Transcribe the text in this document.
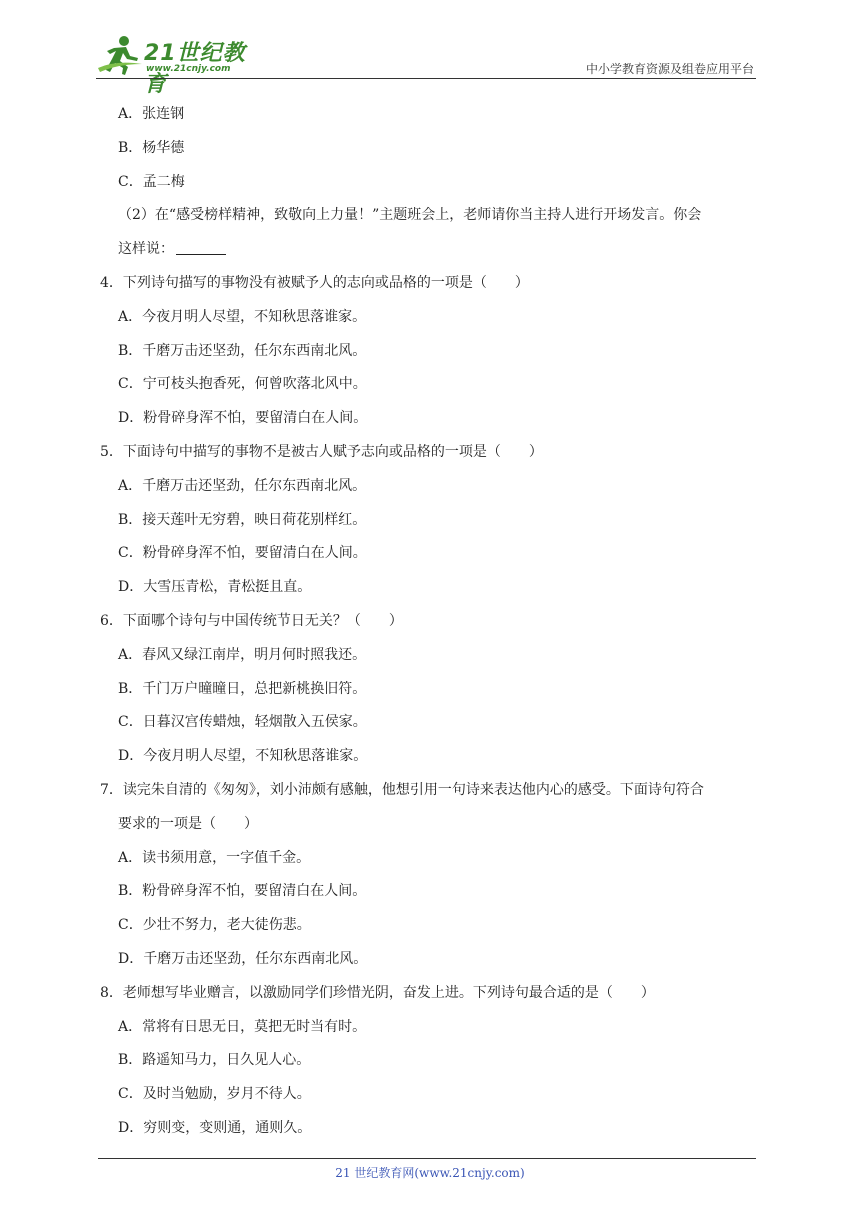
21世纪教育
www.21cnjy.com	中小学教育资源及组卷应用平台
A．张连钢
B．杨华德
C．孟二梅
（2）在“感受榜样精神，致敬向上力量！”主题班会上，老师请你当主持人进行开场发言。你会
这样说：
4．下列诗句描写的事物没有被赋予人的志向或品格的一项是（　　）
A．今夜月明人尽望，不知秋思落谁家。
B．千磨万击还坚劲，任尔东西南北风。
C．宁可枝头抱香死，何曾吹落北风中。
D．粉骨碎身浑不怕，要留清白在人间。
5．下面诗句中描写的事物不是被古人赋予志向或品格的一项是（　　）
A．千磨万击还坚劲，任尔东西南北风。
B．接天莲叶无穷碧，映日荷花别样红。
C．粉骨碎身浑不怕，要留清白在人间。
D．大雪压青松，青松挺且直。
6．下面哪个诗句与中国传统节日无关？（　　）
A．春风又绿江南岸，明月何时照我还。
B．千门万户曈曈日，总把新桃换旧符。
C．日暮汉宫传蜡烛，轻烟散入五侯家。
D．今夜月明人尽望，不知秋思落谁家。
7．读完朱自清的《匆匆》，刘小沛颇有感触，他想引用一句诗来表达他内心的感受。下面诗句符合
要求的一项是（　　）
A．读书须用意，一字值千金。
B．粉骨碎身浑不怕，要留清白在人间。
C．少壮不努力，老大徒伤悲。
D．千磨万击还坚劲，任尔东西南北风。
8．老师想写毕业赠言，以激励同学们珍惜光阴，奋发上进。下列诗句最合适的是（　　）
A．常将有日思无日，莫把无时当有时。
B．路遥知马力，日久见人心。
C．及时当勉励，岁月不待人。
D．穷则变，变则通，通则久。
21 世纪教育网(www.21cnjy.com)
